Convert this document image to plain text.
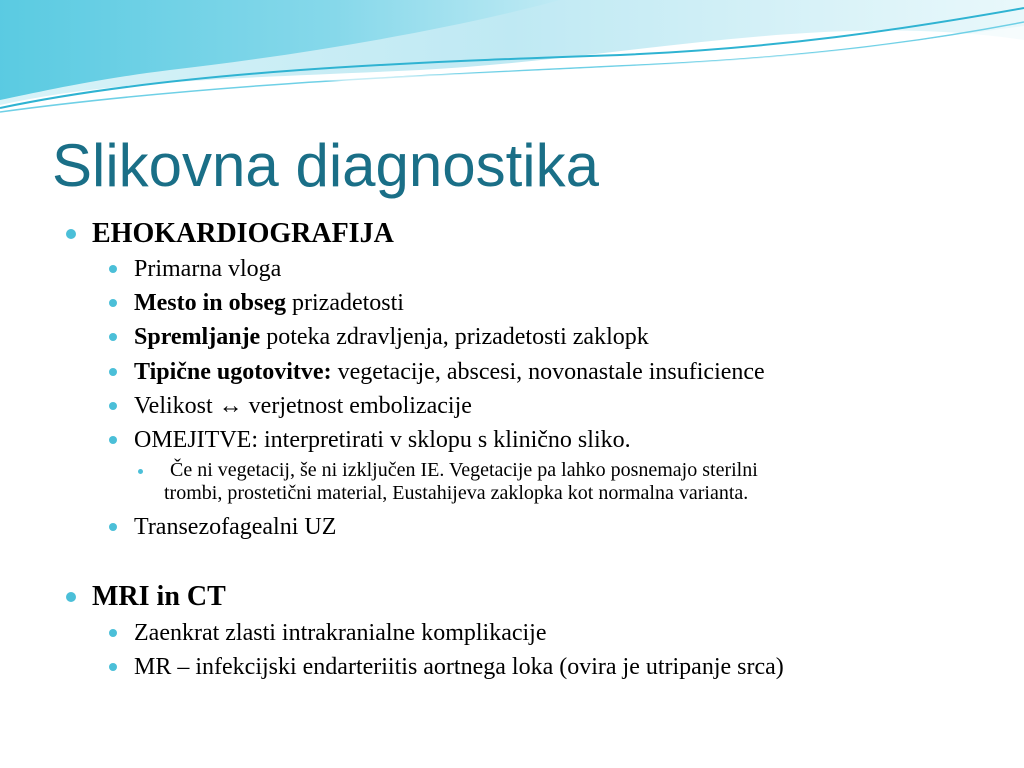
Slikovna diagnostika
EHOKARDIOGRAFIJA
Primarna vloga
Mesto in obseg prizadetosti
Spremljanje poteka zdravljenja, prizadetosti zaklopk
Tipične ugotovitve: vegetacije, abscesi, novonastale insuficience
Velikost ↔ verjetnost embolizacije
OMEJITVE: interpretirati v sklopu s klinično sliko.
Če ni vegetacij, še ni izključen IE. Vegetacije pa lahko posnemajo sterilni
trombi, prostetični material, Eustahijeva zaklopka kot normalna varianta.
Transezofagealni UZ
MRI in CT
Zaenkrat zlasti intrakranialne komplikacije
MR – infekcijski endarteriitis aortnega loka (ovira je utripanje srca)
